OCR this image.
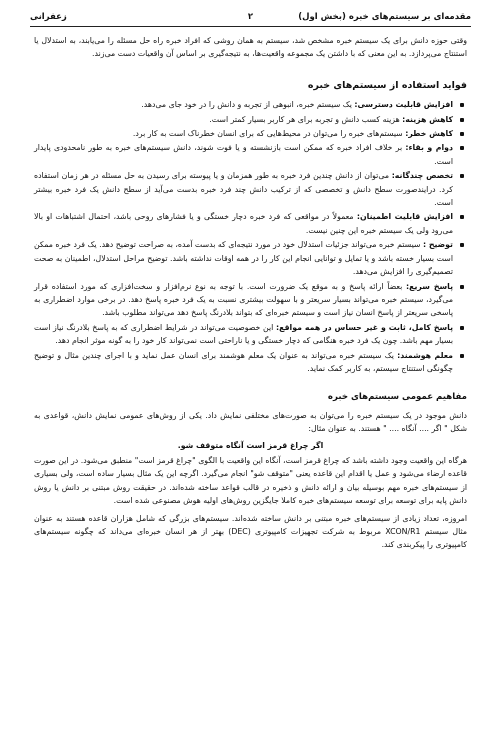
مقدمه‌ای بر سیستم‌های خبره (بخش اول)
۲
زعفرانی

وقتی حوزه دانش برای یک سیستم خبره مشخص شد، سیستم به همان روشی که افراد خبره راه حل مسئله را می‌یابند، به استدلال یا استنتاج می‌پردازد. به این معنی که با داشتن یک مجموعه واقعیت‌ها، به نتیجه‌گیری بر اساس آن واقعیات دست می‌زند.

فواید استفاده از سیستم‌های خبره
افزایش قابلیت دسترسی: یک سیستم خبره، انبوهی از تجربه و دانش را در خود جای می‌دهد.
کاهش هزینه: هزینه کسب دانش و تجربه برای هر کاربر بسیار کمتر است.
کاهش خطر: سیستم‌های خبره را می‌توان در محیط‌هایی که برای انسان خطرناک است به کار برد.
دوام و بقاء: بر خلاف افراد خبره که ممکن است بازنشسته و یا فوت شوند، دانش سیستم‌های خبره به طور نامحدودی پایدار است.
تخصص چندگانه: می‌توان از دانش چندین فرد خبره به طور همزمان و یا پیوسته برای رسیدن به حل مسئله در هر زمان استفاده کرد. درایندصورت سطح دانش و تخصصی که از ترکیب دانش چند فرد خبره بدست می‌آید از سطح دانش یک فرد خبره بیشتر است.
افزایش قابلیت اطمینان: معمولاً در مواقعی که فرد خبره دچار خستگی و یا فشارهای روحی باشد، احتمال اشتباهات او بالا می‌رود ولی یک سیستم خبره این چنین نیست.
توضیح : سیستم خبره می‌تواند جزئیات استدلال خود در مورد نتیجه‌ای که بدست آمده، به صراحت توضیح دهد. یک فرد خبره ممکن است بسیار خسته باشد و یا تمایل و توانایی انجام این کار را در همه اوقات نداشته باشد. توضیح مراحل استدلال، اطمینان به صحت تصمیم‌گیری را افزایش می‌دهد.
پاسخ سریع: بعضاً ارائه پاسخ و به موقع یک ضرورت است. با توجه به نوع نرم‌افزار و سخت‌افزاری که مورد استفاده قرار می‌گیرد، سیستم خبره می‌تواند بسیار سریعتر و با سهولت بیشتری نسبت به یک فرد خبره پاسخ دهد. در برخی موارد اضطراری به پاسخی سریعتر از پاسخ انسان نیاز است و سیستم خبره‌ای که بتواند بلادرنگ پاسخ دهد می‌تواند مطلوب باشد.
پاسخ کامل، ثابت و غیر حساس در همه مواقع: این خصوصیت می‌تواند در شرایط اضطراری که به پاسخ بلادرنگ نیاز است بسیار مهم باشد. چون یک فرد خبره هنگامی که دچار خستگی و یا ناراحتی است نمی‌تواند کار خود را به گونه موثر انجام دهد.
معلم هوشمند: یک سیستم خبره می‌تواند به عنوان یک معلم هوشمند برای انسان عمل نماید و با اجرای چندین مثال و توضیح چگونگی استنتاج سیستم، به کاربر کمک نماید.
مفاهیم عمومی سیستم‌های خبره

دانش موجود در یک سیستم خبره را می‌توان به صورت‌های مختلفی نمایش داد. یکی از روش‌های عمومی نمایش دانش، قواعدی به شکل " اگر .... آنگاه .... " هستند. به عنوان مثال:

اگر چراغ قرمز است آنگاه متوقف شو.

هرگاه این واقعیت وجود داشته باشد که چراغ قرمز است، آنگاه این واقعیت با الگوی "چراغ قرمز است" منطبق می‌شود. در این صورت قاعده ارضاء می‌شود و عمل یا اقدام این قاعده یعنی "متوقف شو" انجام می‌گیرد. اگرچه این یک مثال بسیار ساده است، ولی بسیاری از سیستم‌های خبره مهم بوسیله بیان و ارائه دانش و ذخیره در قالب قواعد ساخته شده‌اند. در حقیقت روش مبتنی بر دانش یا روش دانش پایه برای توسعه برای توسعه سیستم‌های خبره کاملا جایگزین روش‌های اولیه هوش مصنوعی شده است.

امروزه، تعداد زیادی از سیستم‌های خبره مبتنی بر دانش ساخته شده‌اند. سیستم‌های بزرگی که شامل هزاران قاعده هستند به عنوان مثال سیستم XCON/R1 مربوط به شرکت تجهیزات کامپیوتری (DEC) بهتر از هر انسان خبره‌ای می‌داند که چگونه سیستم‌های کامپیوتری را پیکربندی کند.
